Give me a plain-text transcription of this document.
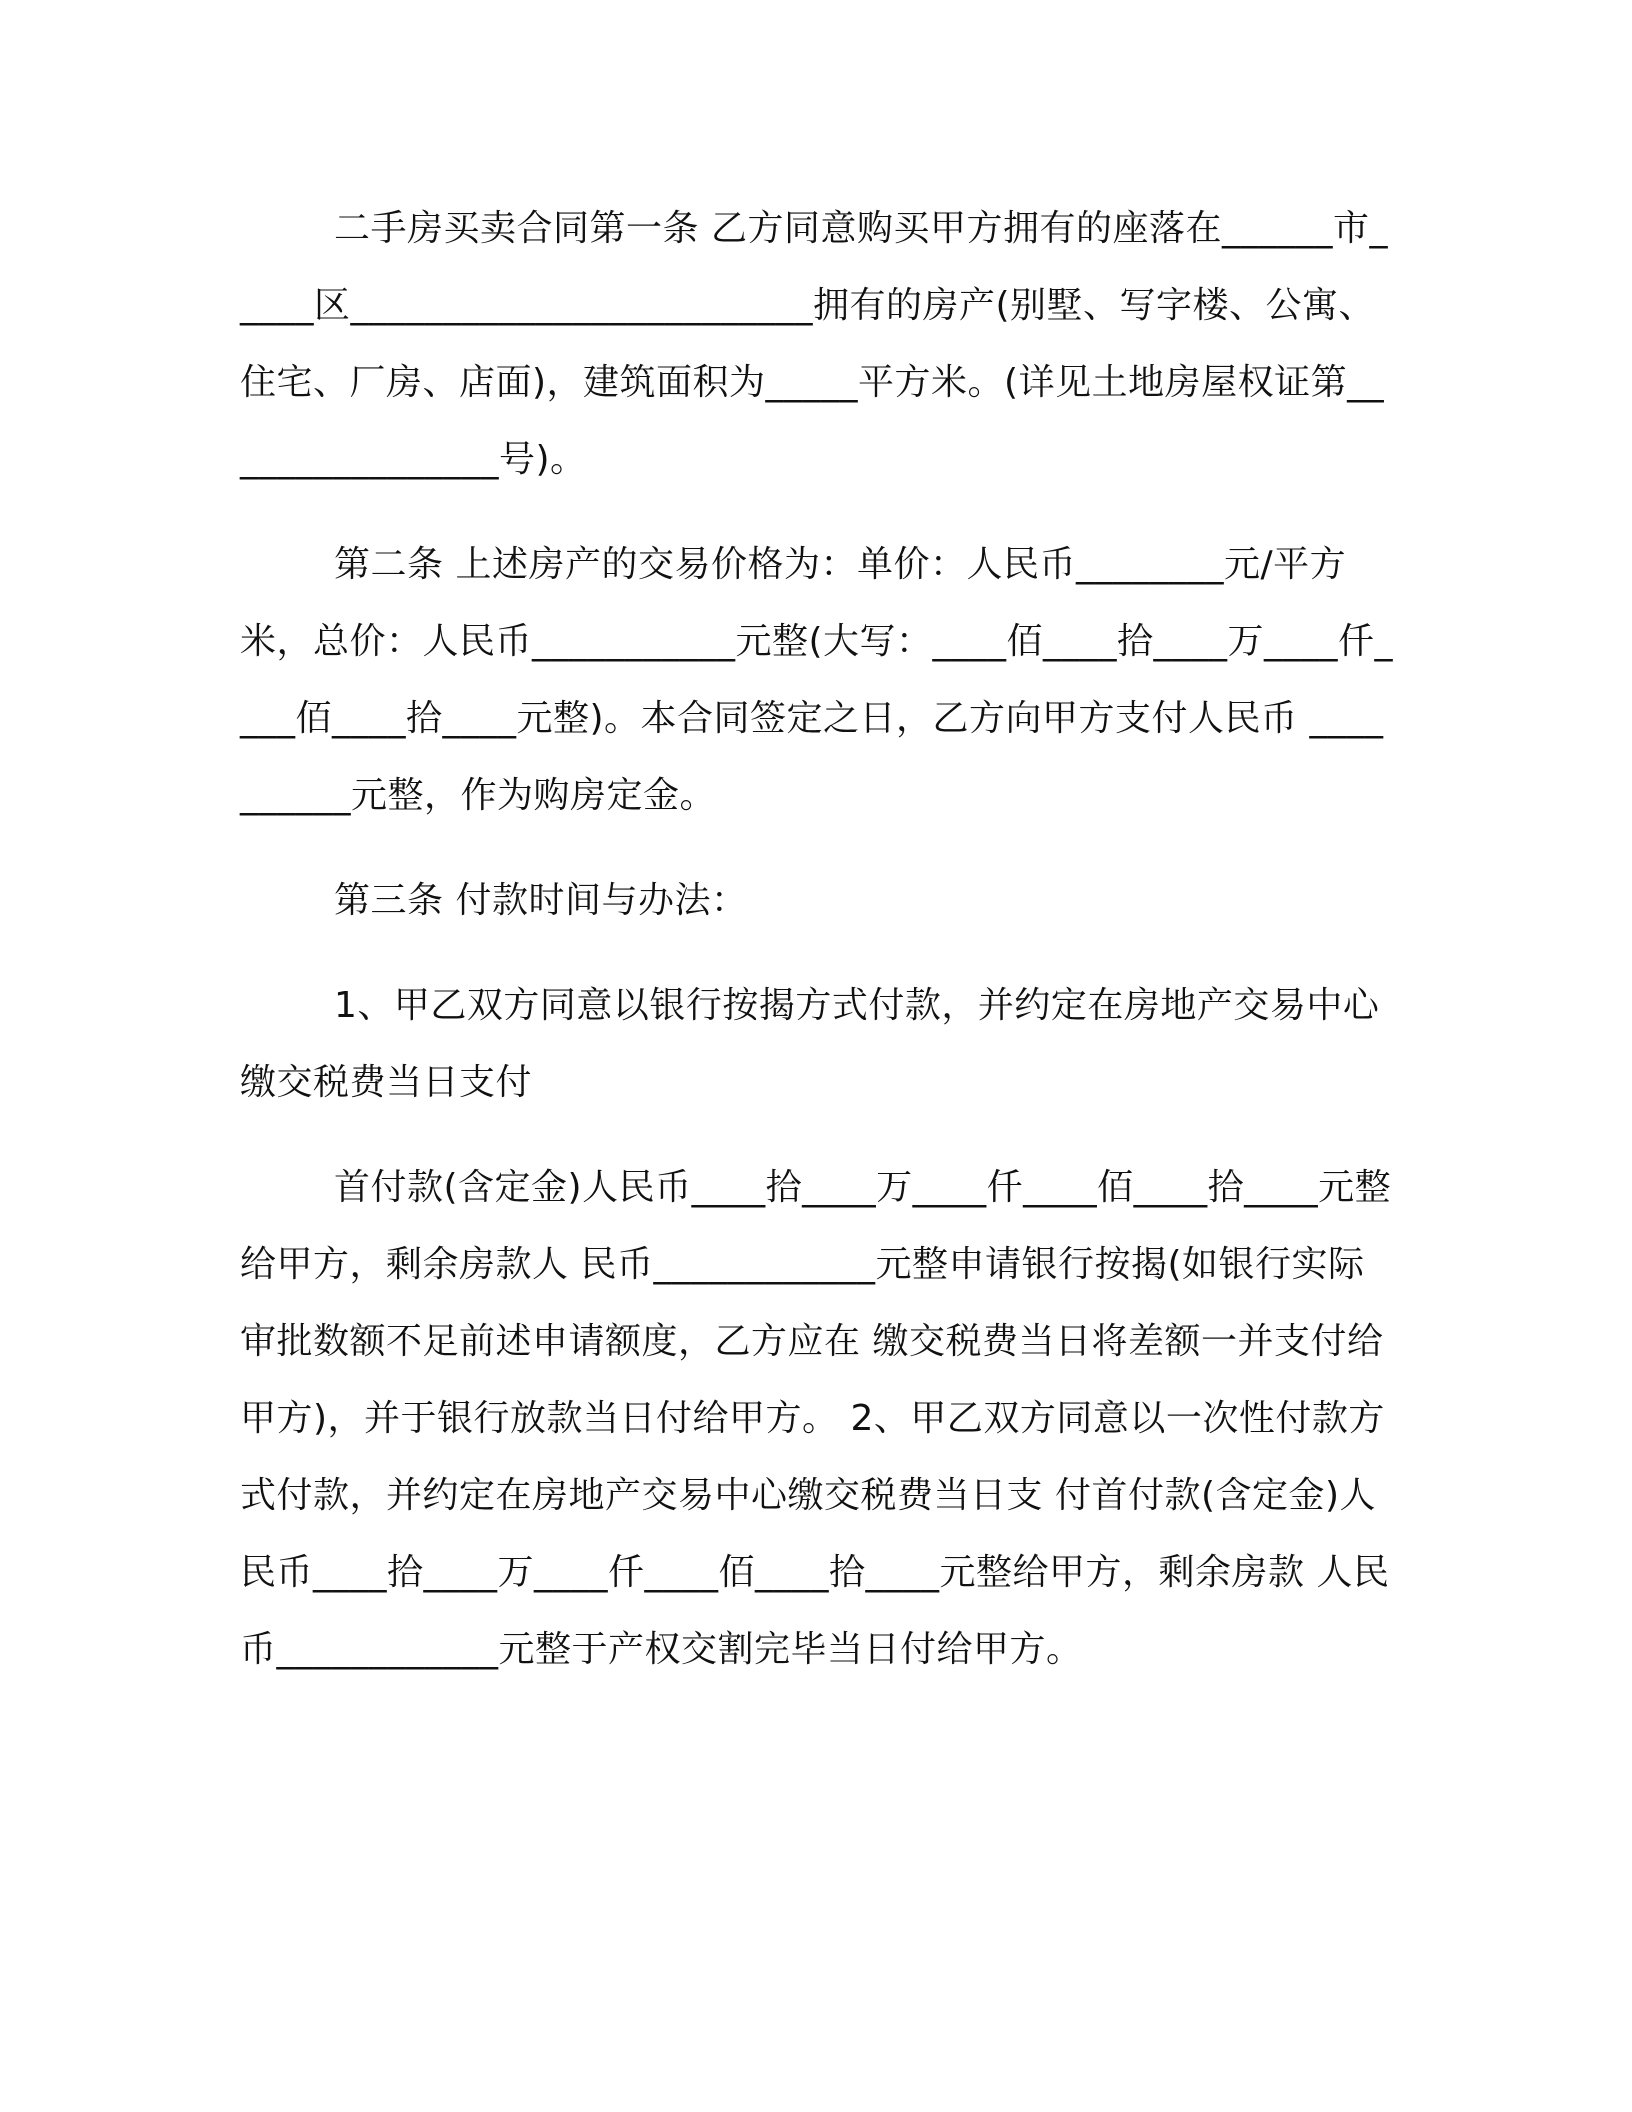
二手房买卖合同第一条 乙方同意购买甲方拥有的座落在______市_____区_________________________拥有的房产(别墅、写字楼、公寓、住宅、厂房、店面)，建筑面积为_____平方米。(详见土地房屋权证第________________号)。

第二条 上述房产的交易价格为：单价：人民币________元/平方米，总价：人民币___________元整(大写：____佰____拾____万____仟____佰____拾____元整)。本合同签定之日，乙方向甲方支付人民币 __________元整，作为购房定金。

第三条 付款时间与办法：

1、甲乙双方同意以银行按揭方式付款，并约定在房地产交易中心缴交税费当日支付

首付款(含定金)人民币____拾____万____仟____佰____拾____元整给甲方，剩余房款人 民币____________元整申请银行按揭(如银行实际审批数额不足前述申请额度，乙方应在 缴交税费当日将差额一并支付给甲方)，并于银行放款当日付给甲方。 2、甲乙双方同意以一次性付款方式付款，并约定在房地产交易中心缴交税费当日支 付首付款(含定金)人民币____拾____万____仟____佰____拾____元整给甲方，剩余房款 人民币____________元整于产权交割完毕当日付给甲方。
